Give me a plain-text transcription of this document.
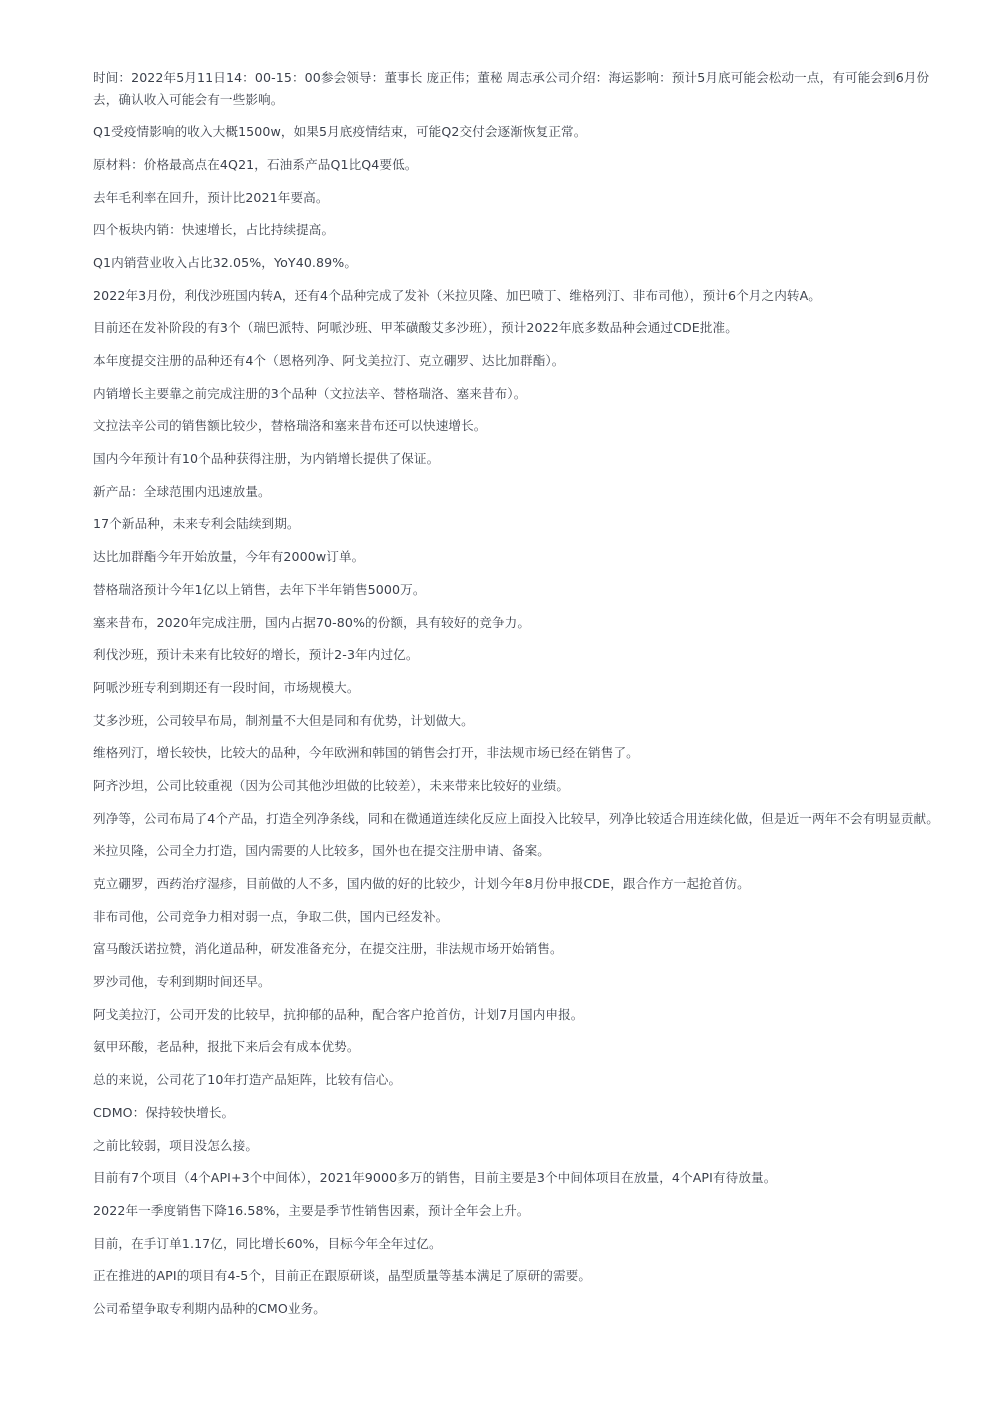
时间：2022年5月11日14：00-15：00参会领导：董事长 庞正伟；董秘 周志承公司介绍：海运影响：预计5月底可能会松动一点，有可能会到6月份去，确认收入可能会有一些影响。

Q1受疫情影响的收入大概1500w，如果5月底疫情结束，可能Q2交付会逐渐恢复正常。

原材料：价格最高点在4Q21，石油系产品Q1比Q4要低。

去年毛利率在回升，预计比2021年要高。

四个板块内销：快速增长，占比持续提高。

Q1内销营业收入占比32.05%，YoY40.89%。

2022年3月份，利伐沙班国内转A，还有4个品种完成了发补（米拉贝隆、加巴喷丁、维格列汀、非布司他），预计6个月之内转A。

目前还在发补阶段的有3个（瑞巴派特、阿哌沙班、甲苯磺酸艾多沙班），预计2022年底多数品种会通过CDE批准。

本年度提交注册的品种还有4个（恩格列净、阿戈美拉汀、克立硼罗、达比加群酯）。

内销增长主要靠之前完成注册的3个品种（文拉法辛、替格瑞洛、塞来昔布）。

文拉法辛公司的销售额比较少，替格瑞洛和塞来昔布还可以快速增长。

国内今年预计有10个品种获得注册，为内销增长提供了保证。

新产品：全球范围内迅速放量。

17个新品种，未来专利会陆续到期。

达比加群酯今年开始放量，今年有2000w订单。

替格瑞洛预计今年1亿以上销售，去年下半年销售5000万。

塞来昔布，2020年完成注册，国内占据70-80%的份额，具有较好的竞争力。

利伐沙班，预计未来有比较好的增长，预计2-3年内过亿。

阿哌沙班专利到期还有一段时间，市场规模大。

艾多沙班，公司较早布局，制剂量不大但是同和有优势，计划做大。

维格列汀，增长较快，比较大的品种，今年欧洲和韩国的销售会打开，非法规市场已经在销售了。

阿齐沙坦，公司比较重视（因为公司其他沙坦做的比较差），未来带来比较好的业绩。

列净等，公司布局了4个产品，打造全列净条线，同和在微通道连续化反应上面投入比较早，列净比较适合用连续化做，但是近一两年不会有明显贡献。

米拉贝隆，公司全力打造，国内需要的人比较多，国外也在提交注册申请、备案。

克立硼罗，西药治疗湿疹，目前做的人不多，国内做的好的比较少，计划今年8月份申报CDE，跟合作方一起抢首仿。

非布司他，公司竞争力相对弱一点，争取二供，国内已经发补。

富马酸沃诺拉赞，消化道品种，研发准备充分，在提交注册，非法规市场开始销售。

罗沙司他，专利到期时间还早。

阿戈美拉汀，公司开发的比较早，抗抑郁的品种，配合客户抢首仿，计划7月国内申报。

氨甲环酸，老品种，报批下来后会有成本优势。

总的来说，公司花了10年打造产品矩阵，比较有信心。

CDMO：保持较快增长。

之前比较弱，项目没怎么接。

目前有7个项目（4个API+3个中间体），2021年9000多万的销售，目前主要是3个中间体项目在放量，4个API有待放量。

2022年一季度销售下降16.58%，主要是季节性销售因素，预计全年会上升。

目前，在手订单1.17亿，同比增长60%，目标今年全年过亿。

正在推进的API的项目有4-5个，目前正在跟原研谈，晶型质量等基本满足了原研的需要。

公司希望争取专利期内品种的CMO业务。
